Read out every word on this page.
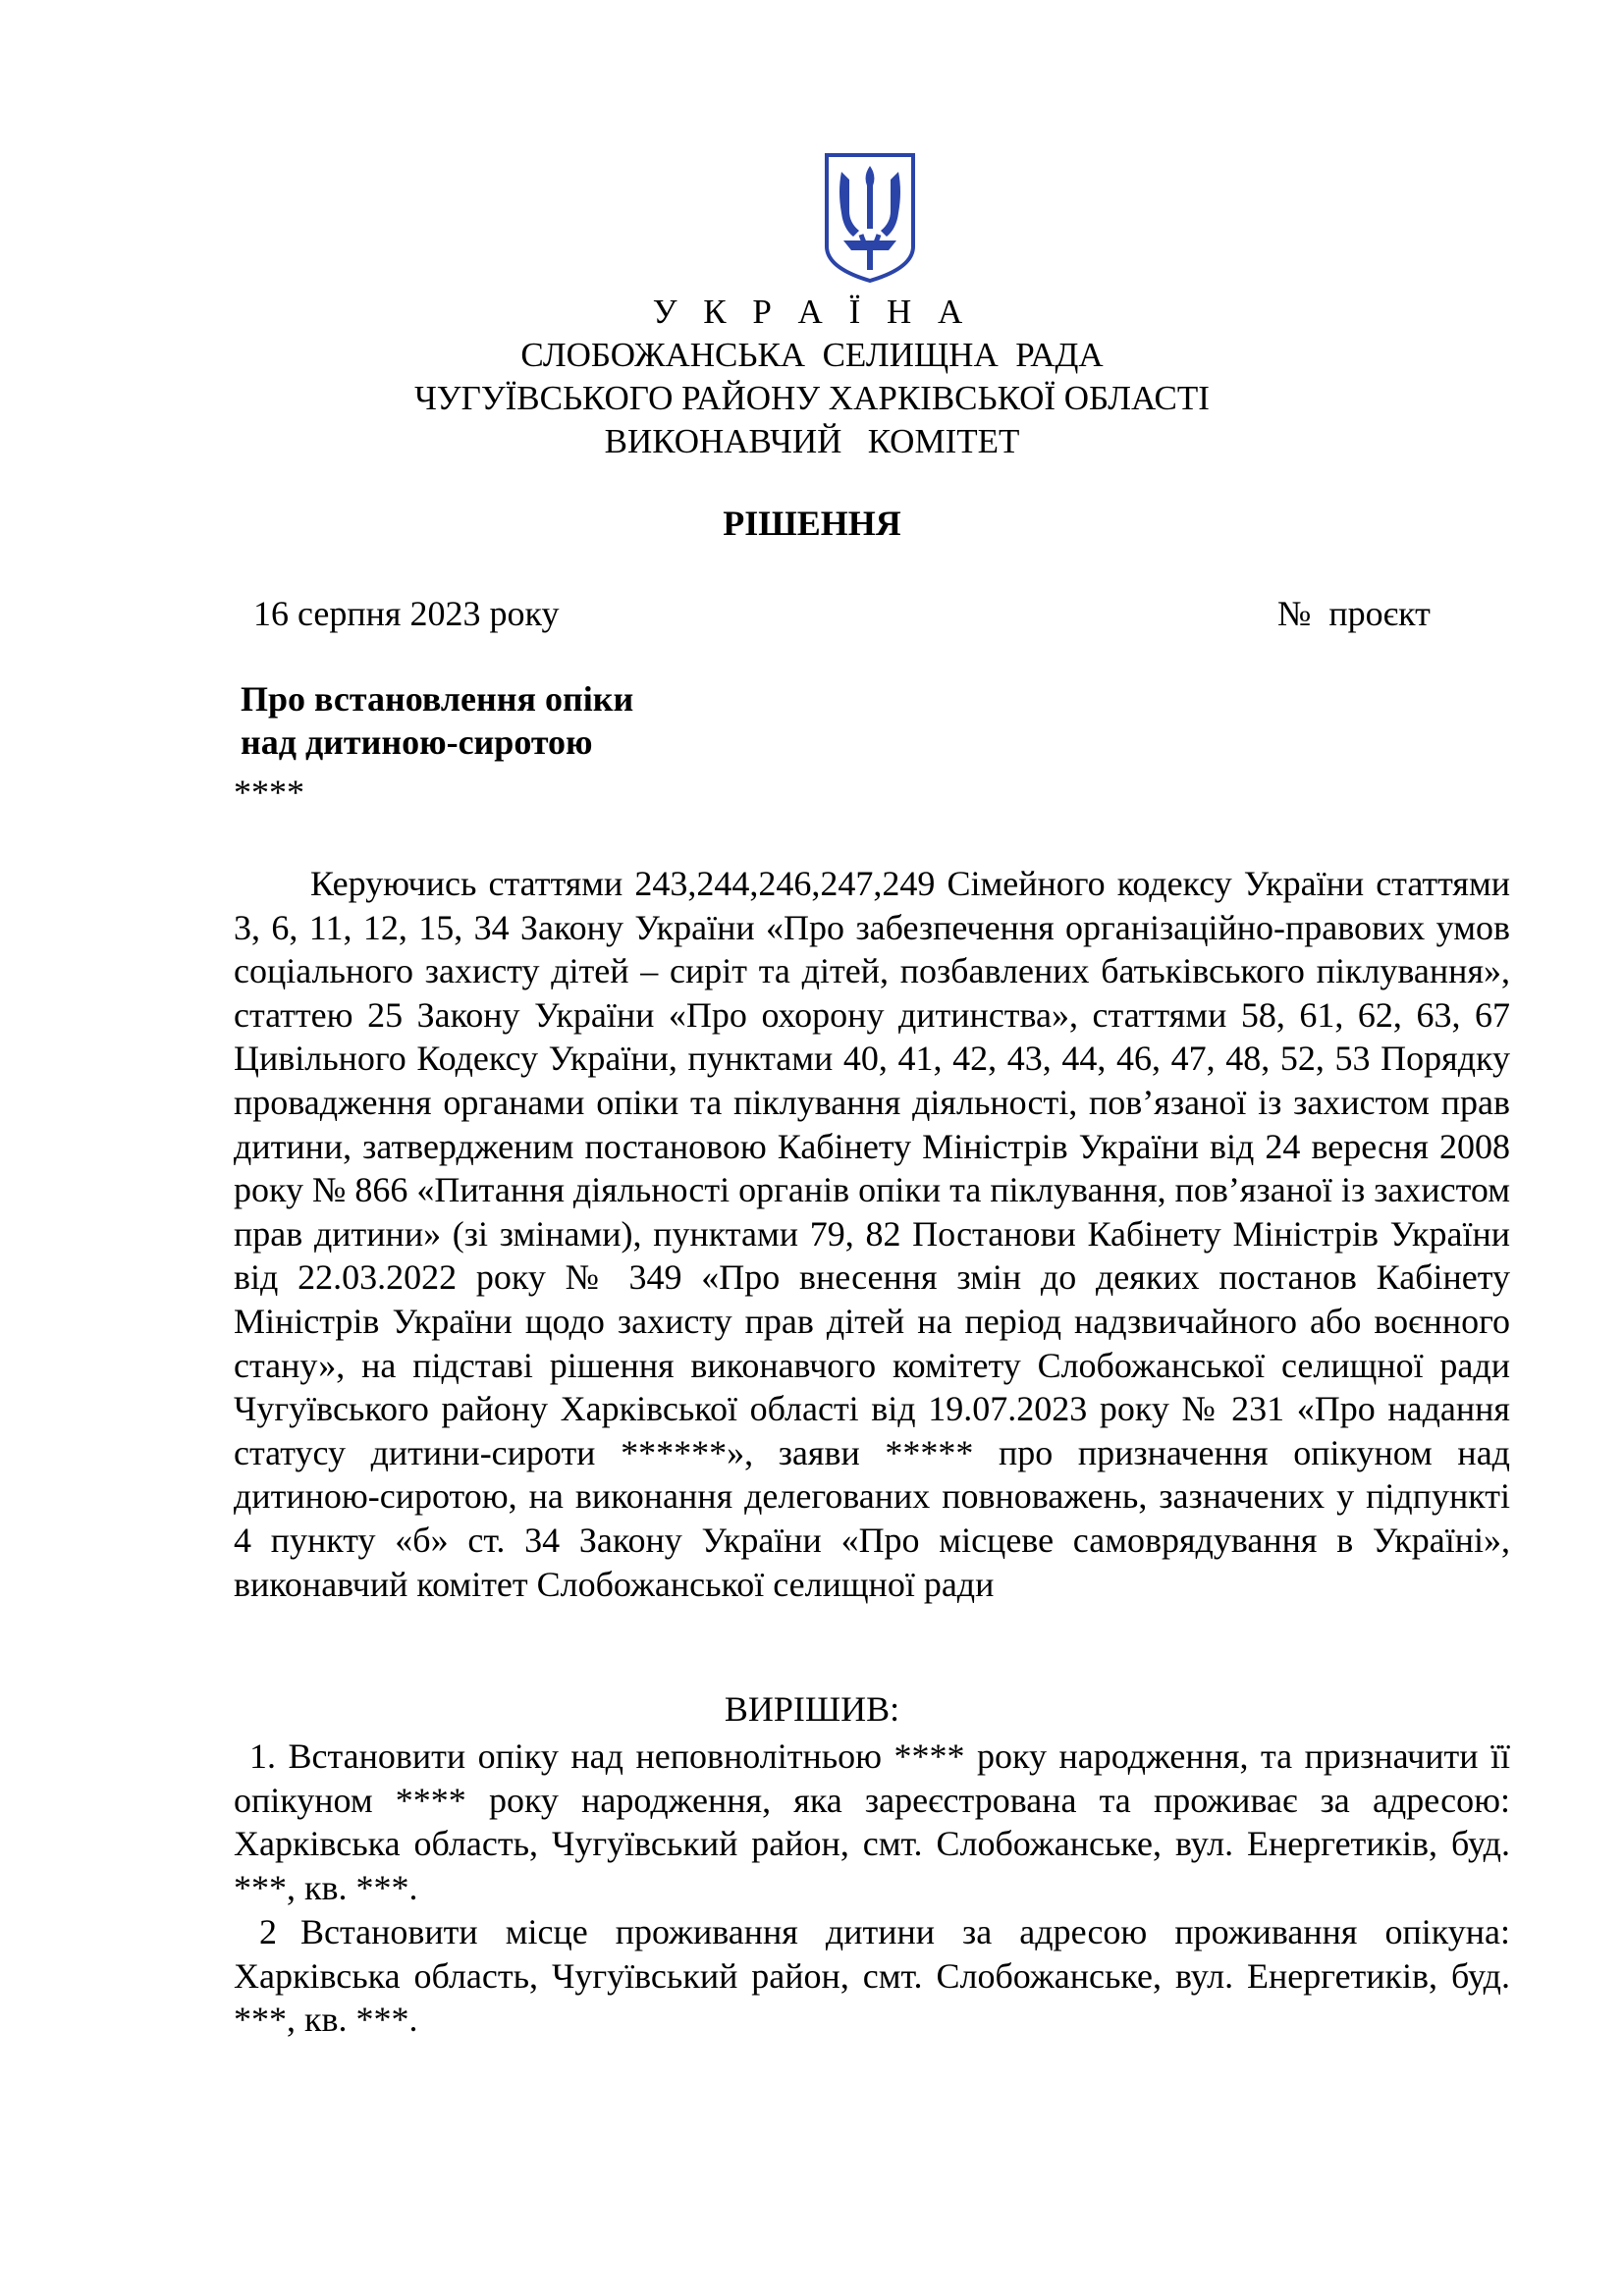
У К Р А Ї Н А
СЛОБОЖАНСЬКА  СЕЛИЩНА  РАДА
ЧУГУЇВСЬКОГО РАЙОНУ ХАРКІВСЬКОЇ ОБЛАСТІ
ВИКОНАВЧИЙ   КОМІТЕТ
РІШЕННЯ
16 серпня 2023 року	№  проєкт
Про встановлення опіки
над дитиною-сиротою
****

Керуючись статтями 243,244,246,247,249 Сімейного кодексу України статтями 3, 6, 11, 12, 15, 34 Закону України «Про забезпечення організаційно-правових умов соціального захисту дітей – сиріт та дітей, позбавлених батьківського піклування», статтею 25 Закону України «Про охорону дитинства», статтями 58, 61, 62, 63, 67 Цивільного Кодексу України, пунктами 40, 41, 42, 43, 44, 46, 47, 48, 52, 53 Порядку провадження органами опіки та піклування діяльності, пов’язаної із захистом прав дитини, затвердженим постановою Кабінету Міністрів України від 24 вересня 2008 року № 866 «Питання діяльності органів опіки та піклування, пов’язаної із захистом прав дитини» (зі змінами), пунктами 79, 82 Постанови Кабінету Міністрів України від 22.03.2022 року № 349 «Про внесення змін до деяких постанов Кабінету Міністрів України щодо захисту прав дітей на період надзвичайного або воєнного стану», на підставі рішення виконавчого комітету Слобожанської селищної ради Чугуївського району Харківської області від 19.07.2023 року № 231 «Про надання статусу дитини-сироти ******», заяви ***** про призначення опікуном над дитиною-сиротою, на виконання делегованих повноважень, зазначених у підпункті 4 пункту «б» ст. 34 Закону України «Про місцеве самоврядування в Україні», виконавчий комітет Слобожанської селищної ради

ВИРІШИВ:

1. Встановити опіку над неповнолітньою **** року народження, та призначити її опікуном **** року народження, яка зареєстрована та проживає за адресою: Харківська область, Чугуївський район, смт. Слобожанське, вул. Енергетиків, буд. ***, кв. ***.

2 Встановити місце проживання дитини за адресою проживання опікуна: Харківська область, Чугуївський район, смт. Слобожанське, вул. Енергетиків, буд. ***, кв. ***.
